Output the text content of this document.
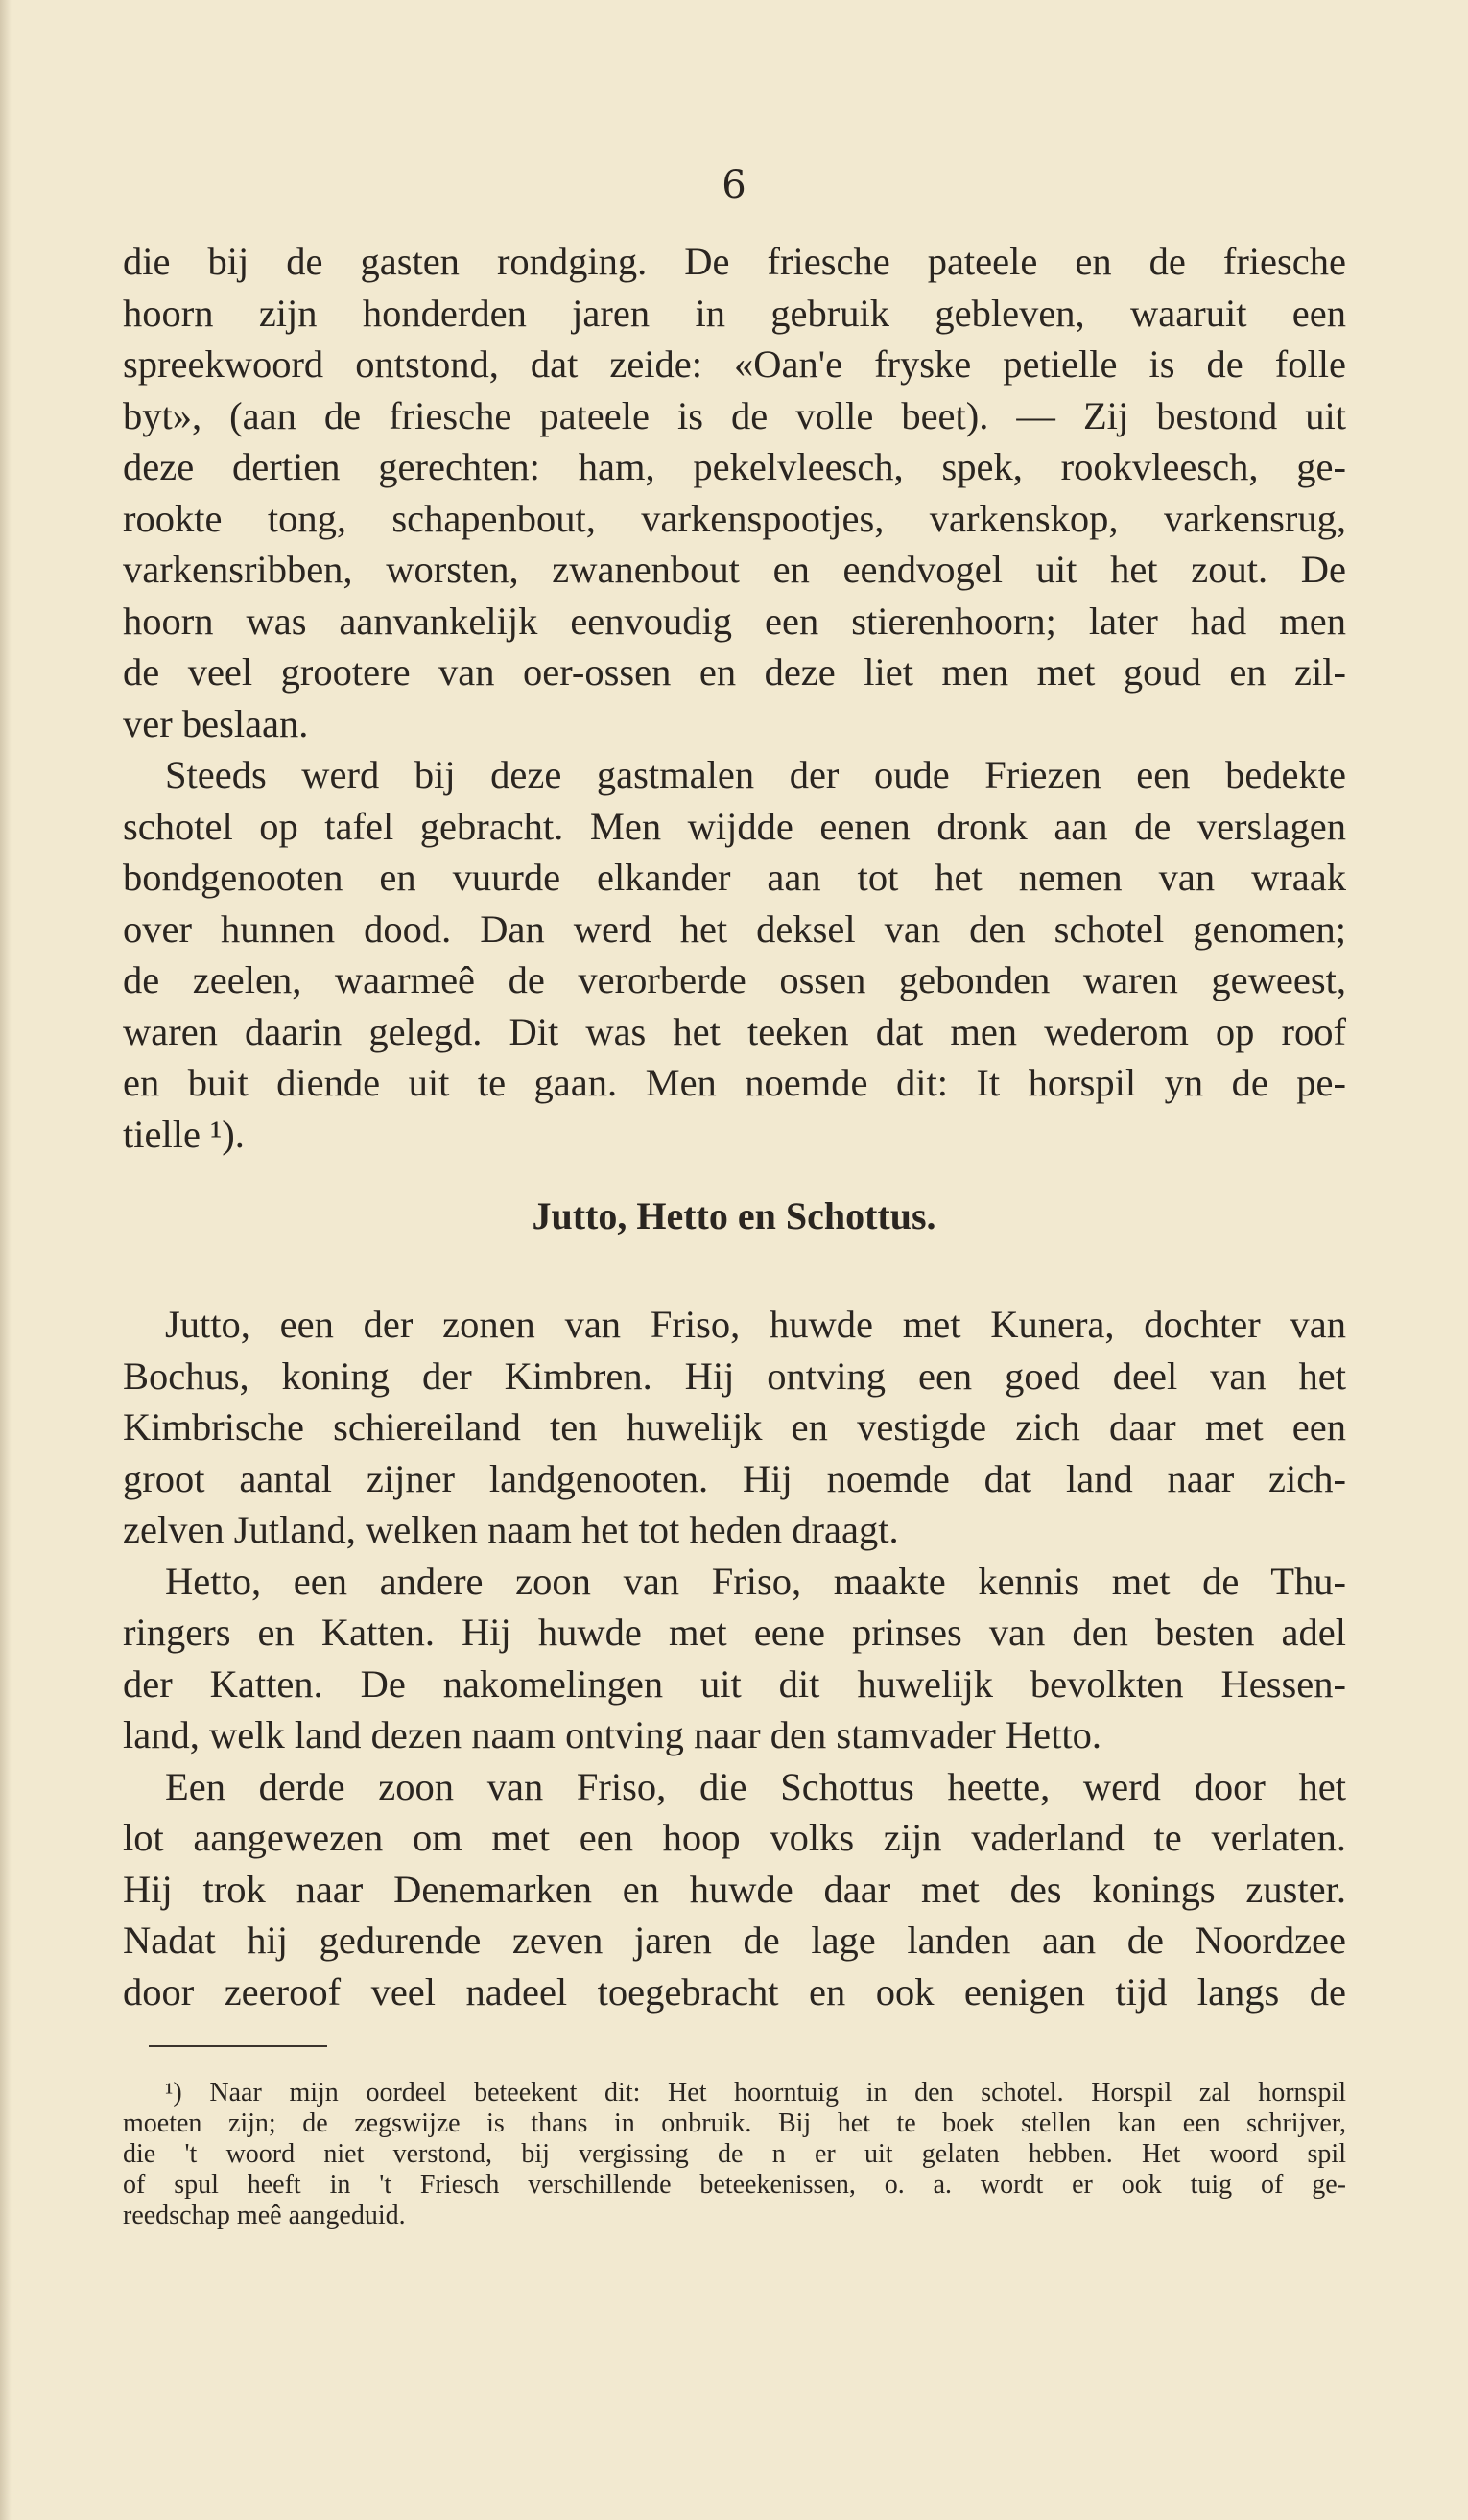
6
die bij de gasten rondging. De friesche pateele en de friesche
hoorn zijn honderden jaren in gebruik gebleven, waaruit een
spreekwoord ontstond, dat zeide: «Oan'e fryske petielle is de folle
byt», (aan de friesche pateele is de volle beet). — Zij bestond uit
deze dertien gerechten: ham, pekelvleesch, spek, rookvleesch, ge-
rookte tong, schapenbout, varkenspootjes, varkenskop, varkensrug,
varkensribben, worsten, zwanenbout en eendvogel uit het zout. De
hoorn was aanvankelijk eenvoudig een stierenhoorn; later had men
de veel grootere van oer-ossen en deze liet men met goud en zil-
ver beslaan.
Steeds werd bij deze gastmalen der oude Friezen een bedekte
schotel op tafel gebracht. Men wijdde eenen dronk aan de verslagen
bondgenooten en vuurde elkander aan tot het nemen van wraak
over hunnen dood. Dan werd het deksel van den schotel genomen;
de zeelen, waarmeê de verorberde ossen gebonden waren geweest,
waren daarin gelegd. Dit was het teeken dat men wederom op roof
en buit diende uit te gaan. Men noemde dit: It horspil yn de pe-
tielle ¹).
Jutto, Hetto en Schottus.
Jutto, een der zonen van Friso, huwde met Kunera, dochter van
Bochus, koning der Kimbren. Hij ontving een goed deel van het
Kimbrische schiereiland ten huwelijk en vestigde zich daar met een
groot aantal zijner landgenooten. Hij noemde dat land naar zich-
zelven Jutland, welken naam het tot heden draagt.
Hetto, een andere zoon van Friso, maakte kennis met de Thu-
ringers en Katten. Hij huwde met eene prinses van den besten adel
der Katten. De nakomelingen uit dit huwelijk bevolkten Hessen-
land, welk land dezen naam ontving naar den stamvader Hetto.
Een derde zoon van Friso, die Schottus heette, werd door het
lot aangewezen om met een hoop volks zijn vaderland te verlaten.
Hij trok naar Denemarken en huwde daar met des konings zuster.
Nadat hij gedurende zeven jaren de lage landen aan de Noordzee
door zeeroof veel nadeel toegebracht en ook eenigen tijd langs de
¹) Naar mijn oordeel beteekent dit: Het hoorntuig in den schotel. Horspil zal hornspil
moeten zijn; de zegswijze is thans in onbruik. Bij het te boek stellen kan een schrijver,
die 't woord niet verstond, bij vergissing de n er uit gelaten hebben. Het woord spil
of spul heeft in 't Friesch verschillende beteekenissen, o. a. wordt er ook tuig of ge-
reedschap meê aangeduid.
